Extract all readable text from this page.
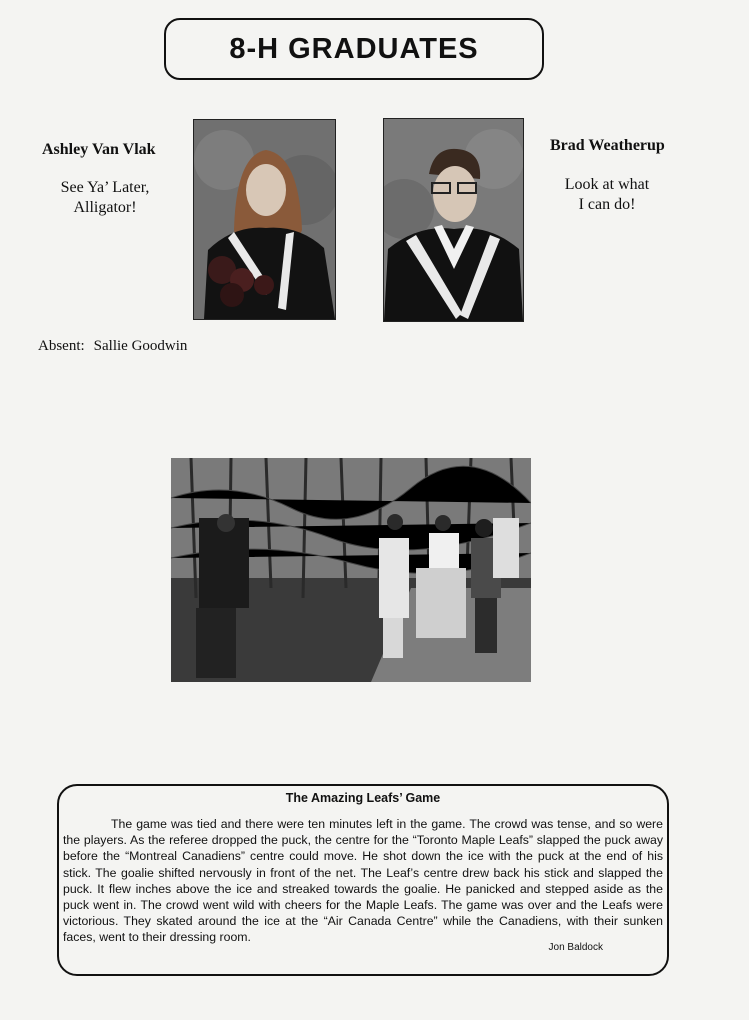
8-H GRADUATES
Ashley Van Vlak
See Ya’ Later,
Alligator!
Brad Weatherup
Look at what
I can do!
Absent: Sallie Goodwin
The Amazing Leafs’ Game
The game was tied and there were ten minutes left in the game. The crowd was tense, and so were the players. As the referee dropped the puck, the centre for the “Toronto Maple Leafs” slapped the puck away before the “Montreal Canadiens” centre could move. He shot down the ice with the puck at the end of his stick. The goalie shifted nervously in front of the net. The Leaf’s centre drew back his stick and slapped the puck. It flew inches above the ice and streaked towards the goalie. He panicked and stepped aside as the puck went in. The crowd went wild with cheers for the Maple Leafs. The game was over and the Leafs were victorious. They skated around the ice at the “Air Canada Centre” while the Canadiens, with their sunken faces, went to their dressing room.
Jon Baldock
